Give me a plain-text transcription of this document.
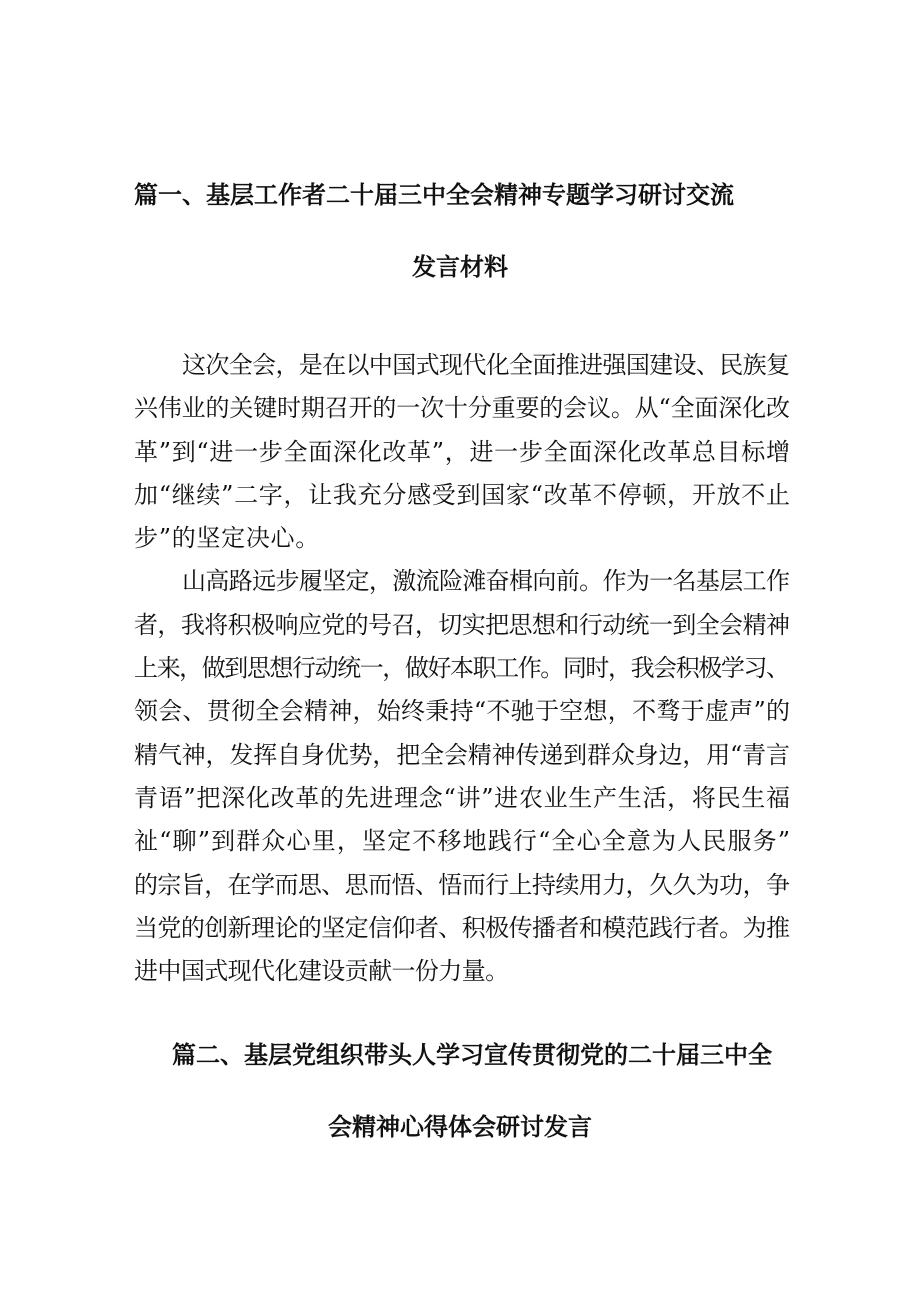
篇一、基层工作者二十届三中全会精神专题学习研讨交流
发言材料

这次全会，是在以中国式现代化全面推进强国建设、民族复
兴伟业的关键时期召开的一次十分重要的会议。从“全面深化改
革”到“进一步全面深化改革”，进一步全面深化改革总目标增
加“继续”二字，让我充分感受到国家“改革不停顿，开放不止
步”的坚定决心。

山高路远步履坚定，激流险滩奋楫向前。作为一名基层工作
者，我将积极响应党的号召，切实把思想和行动统一到全会精神
上来，做到思想行动统一，做好本职工作。同时，我会积极学习、
领会、贯彻全会精神，始终秉持“不驰于空想，不骛于虚声”的
精气神，发挥自身优势，把全会精神传递到群众身边，用“青言
青语”把深化改革的先进理念“讲”进农业生产生活，将民生福
祉“聊”到群众心里，坚定不移地践行“全心全意为人民服务”
的宗旨，在学而思、思而悟、悟而行上持续用力，久久为功，争
当党的创新理论的坚定信仰者、积极传播者和模范践行者。为推
进中国式现代化建设贡献一份力量。

篇二、基层党组织带头人学习宣传贯彻党的二十届三中全
会精神心得体会研讨发言
